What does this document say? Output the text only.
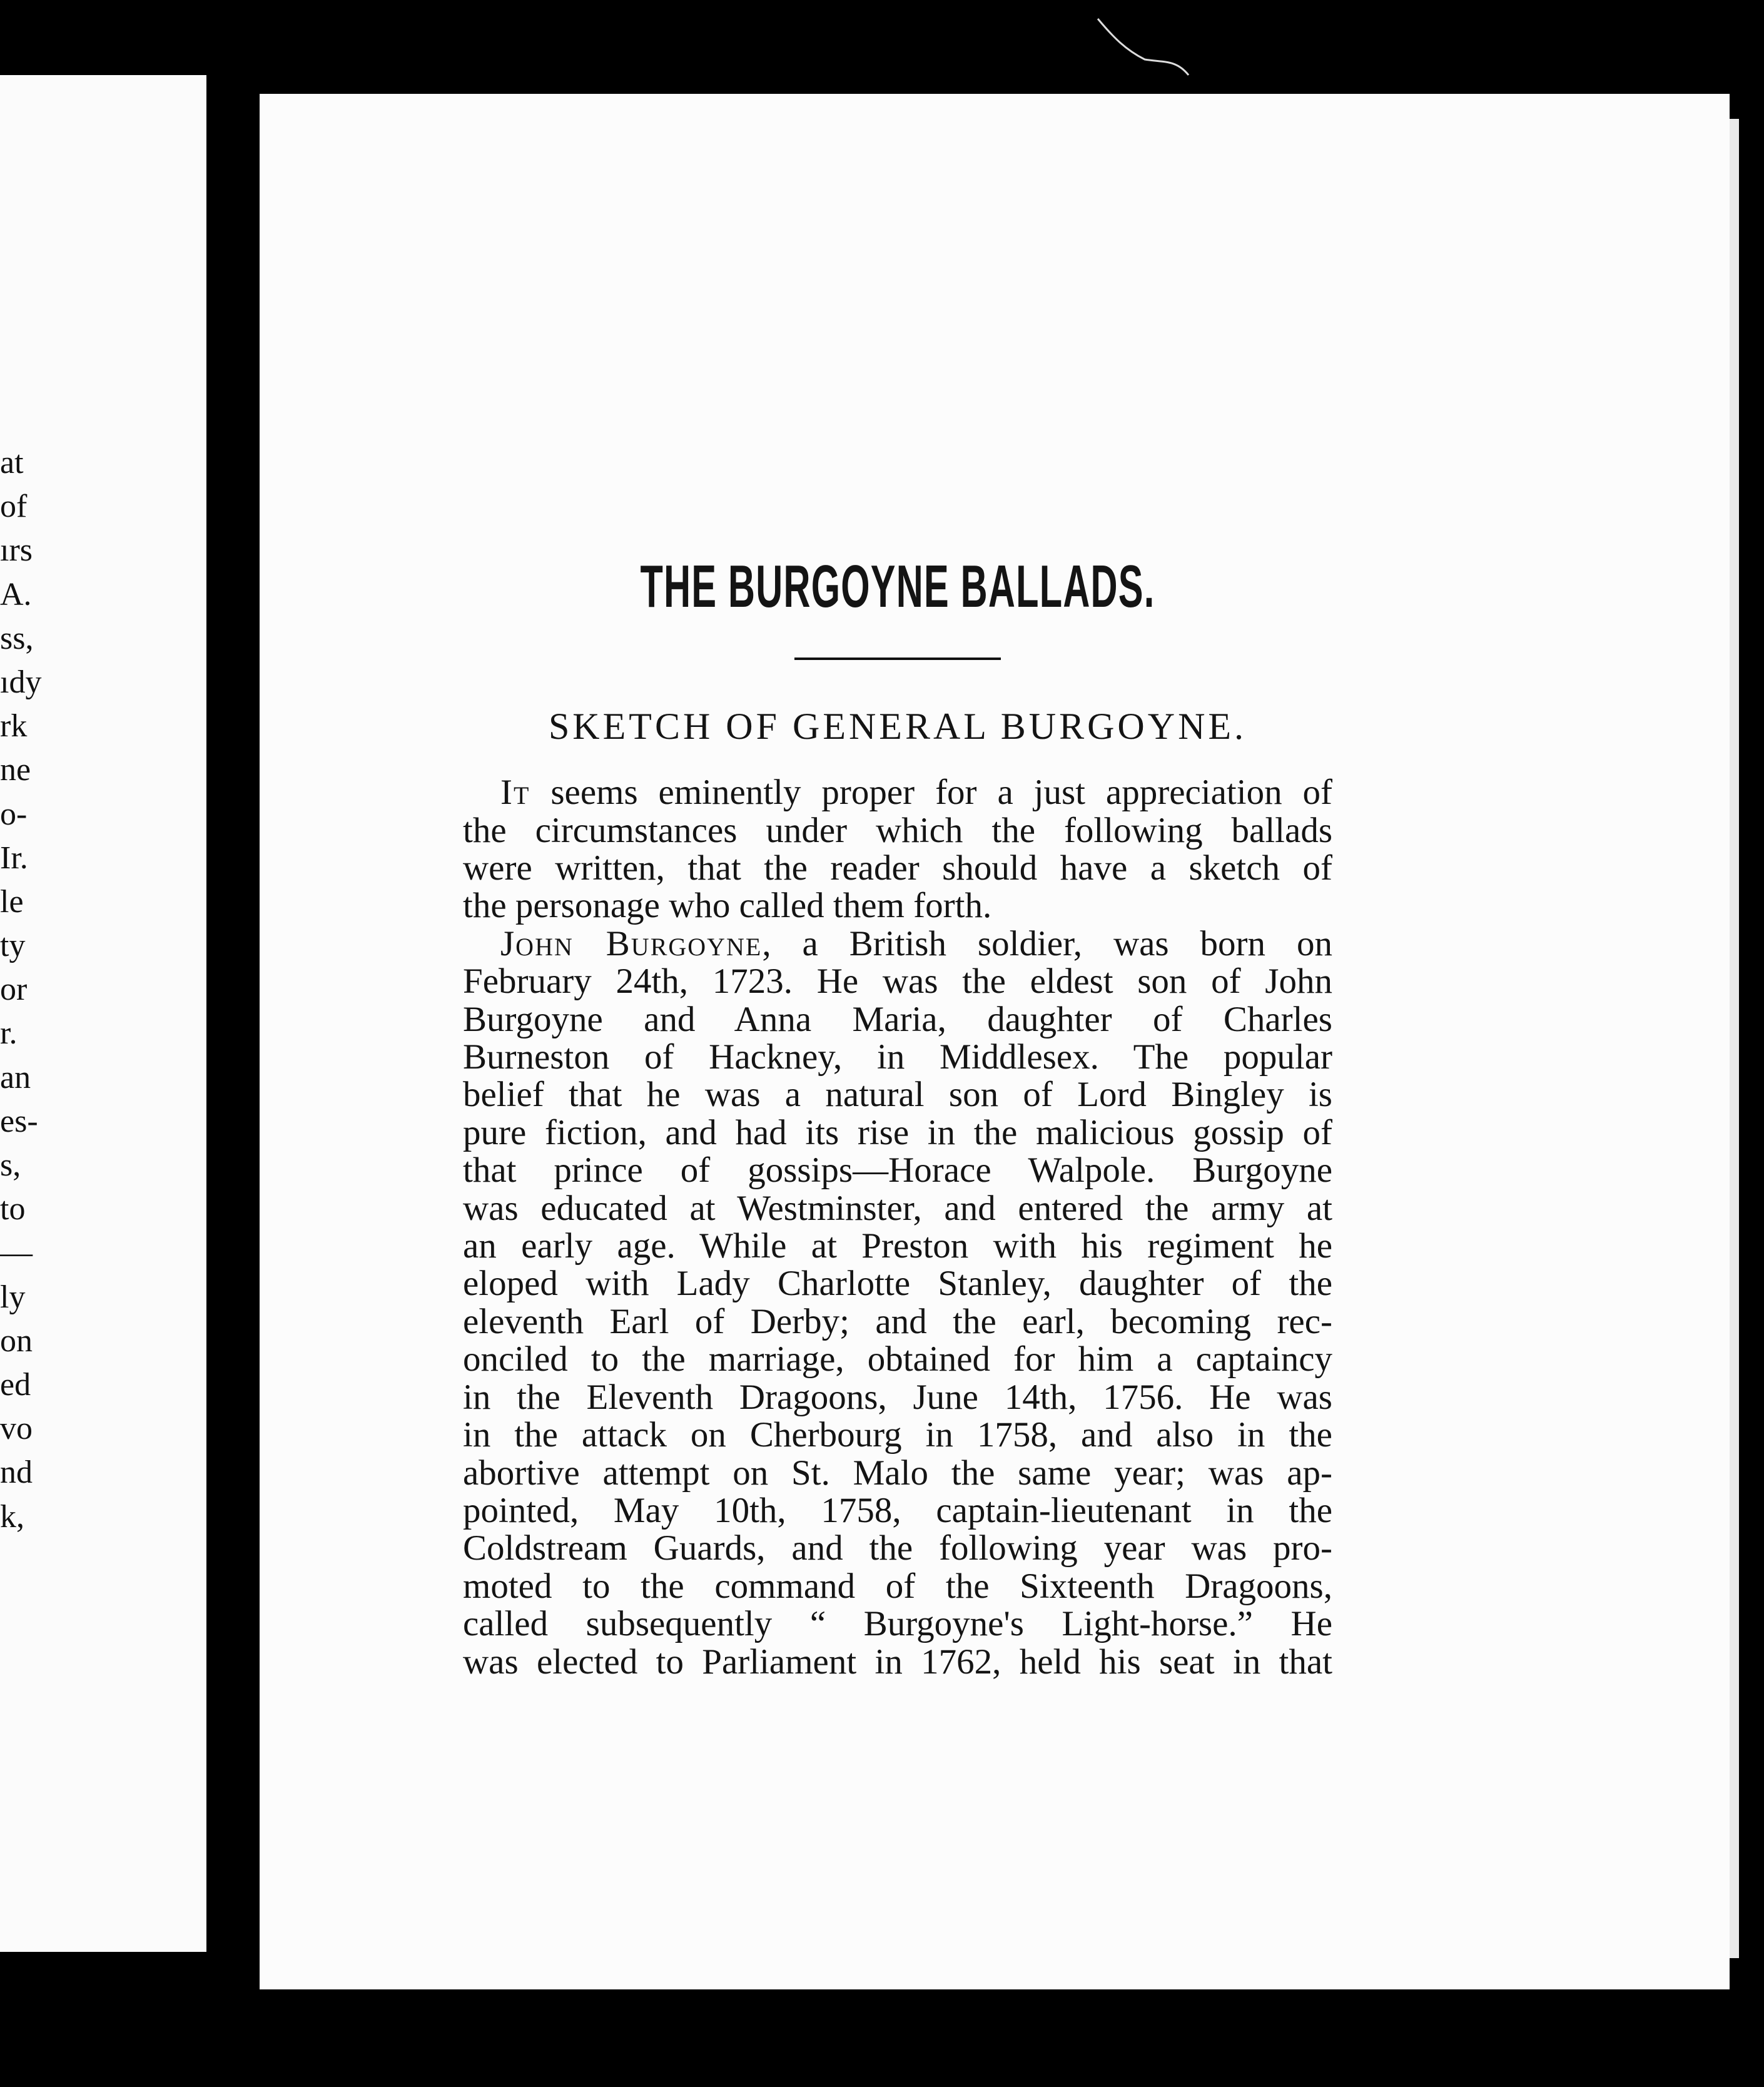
at
of
ırs
A.
ss,
ıdy
rk
ne
o-
Ir.
le
ty
or
r.
an
es-
s,
to
—
ly
on
ed
vo
nd
k,
THE BURGOYNE BALLADS.
SKETCH OF GENERAL BURGOYNE.
It seems eminently proper for a just appreciation of
the circumstances under which the following ballads
were written, that the reader should have a sketch of
the personage who called them forth.
John Burgoyne, a British soldier, was born on
February 24th, 1723. He was the eldest son of John
Burgoyne and Anna Maria, daughter of Charles
Burneston of Hackney, in Middlesex. The popular
belief that he was a natural son of Lord Bingley is
pure fiction, and had its rise in the malicious gossip of
that prince of gossips—Horace Walpole. Burgoyne
was educated at Westminster, and entered the army at
an early age. While at Preston with his regiment he
eloped with Lady Charlotte Stanley, daughter of the
eleventh Earl of Derby; and the earl, becoming rec-
onciled to the marriage, obtained for him a captaincy
in the Eleventh Dragoons, June 14th, 1756. He was
in the attack on Cherbourg in 1758, and also in the
abortive attempt on St. Malo the same year; was ap-
pointed, May 10th, 1758, captain-lieutenant in the
Coldstream Guards, and the following year was pro-
moted to the command of the Sixteenth Dragoons,
called subsequently “ Burgoyne's Light-horse.” He
was elected to Parliament in 1762, held his seat in that
